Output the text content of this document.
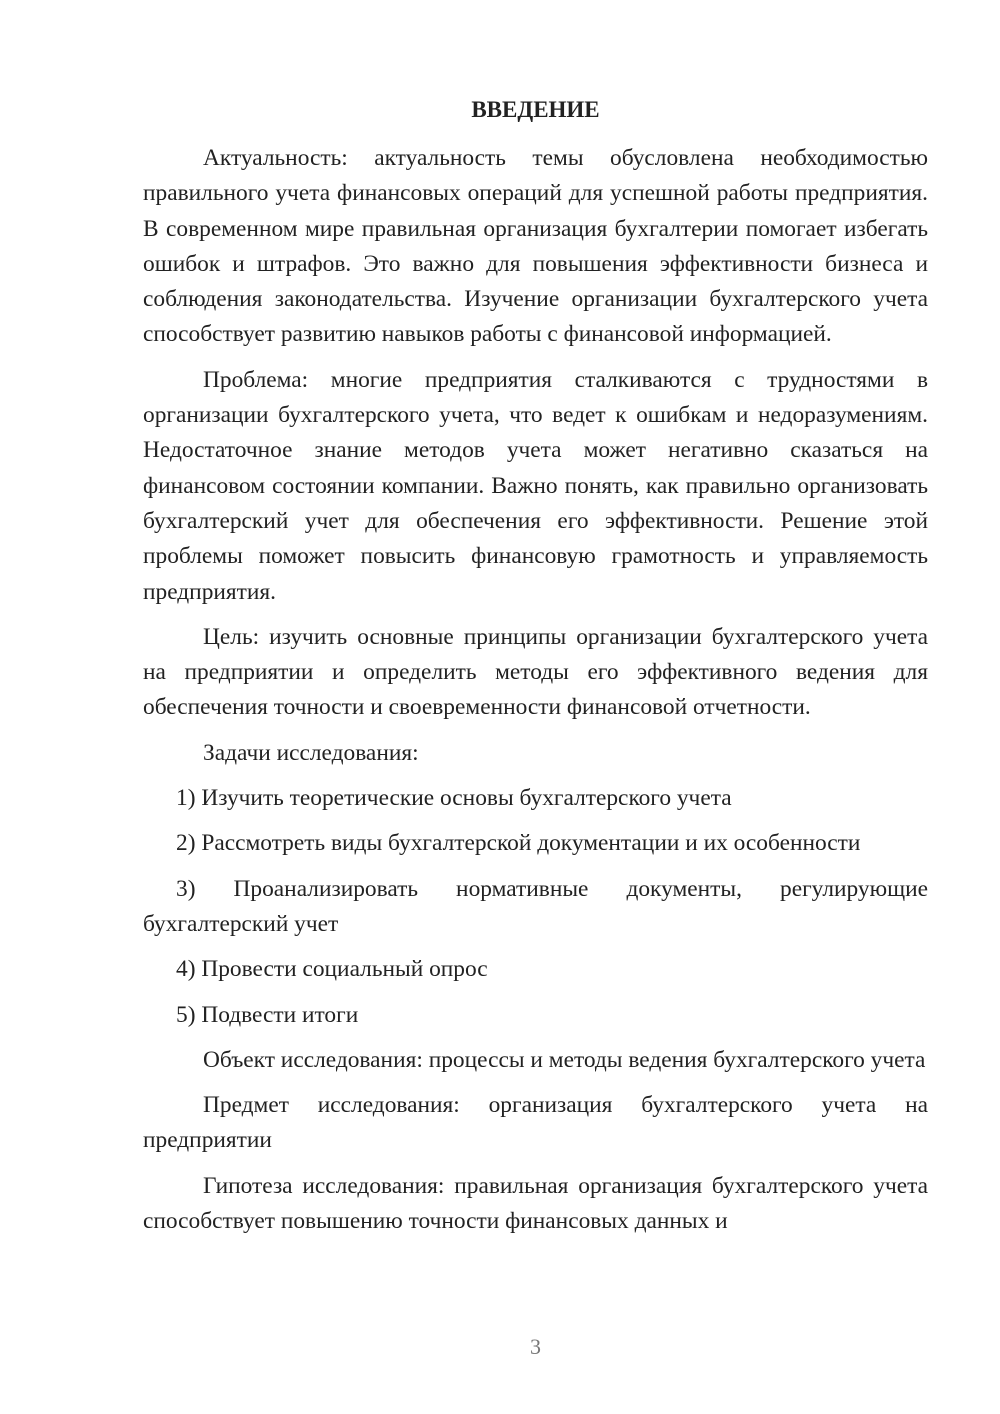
ВВЕДЕНИЕ

Актуальность: актуальность темы обусловлена необходимостью правильного учета финансовых операций для успешной работы предприятия. В современном мире правильная организация бухгалтерии помогает избегать ошибок и штрафов. Это важно для повышения эффективности бизнеса и соблюдения законодательства. Изучение организации бухгалтерского учета способствует развитию навыков работы с финансовой информацией.

Проблема: многие предприятия сталкиваются с трудностями в организации бухгалтерского учета, что ведет к ошибкам и недоразумениям. Недостаточное знание методов учета может негативно сказаться на финансовом состоянии компании. Важно понять, как правильно организовать бухгалтерский учет для обеспечения его эффективности. Решение этой проблемы поможет повысить финансовую грамотность и управляемость предприятия.

Цель: изучить основные принципы организации бухгалтерского учета на предприятии и определить методы его эффективного ведения для обеспечения точности и своевременности финансовой отчетности.

Задачи исследования:

1) Изучить теоретические основы бухгалтерского учета

2) Рассмотреть виды бухгалтерской документации и их особенности

3) Проанализировать нормативные документы, регулирующие бухгалтерский учет

4) Провести социальный опрос

5) Подвести итоги

Объект исследования: процессы и методы ведения бухгалтерского учета

Предмет исследования: организация бухгалтерского учета на предприятии

Гипотеза исследования: правильная организация бухгалтерского учета способствует повышению точности финансовых данных и

3
